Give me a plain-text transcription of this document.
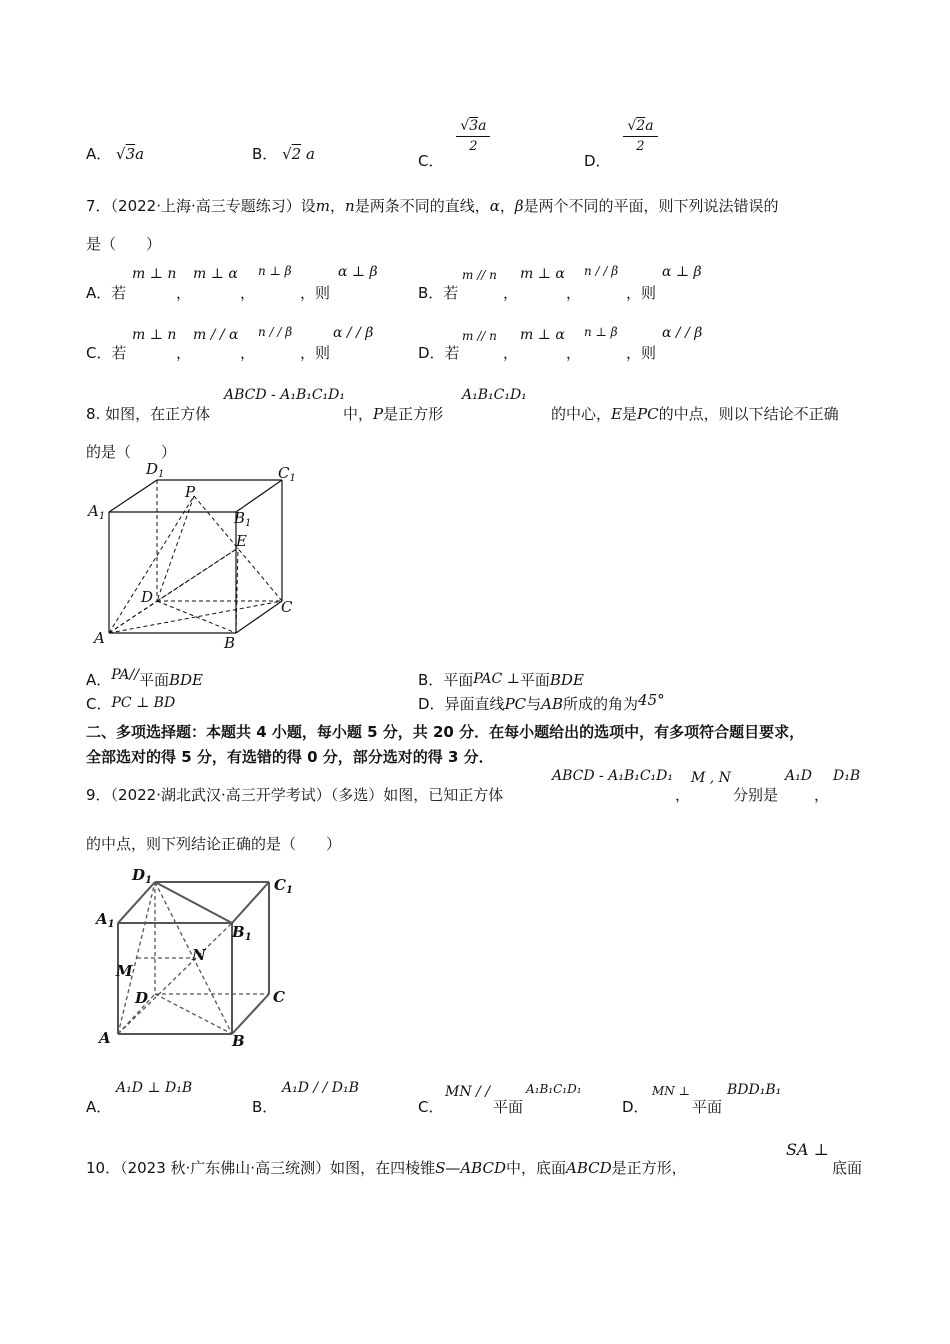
A． √3a	B． √2 a	C．
$\frac{√3a}{2}$
D．
$\frac{√2a}{2}$
7．（2022·上海·高三专题练习）设m，n是两条不同的直线，α，β是两个不同的平面，则下列说法错误的
是（　　）
A．若
m ⊥ n
，
m ⊥ α
，
n ⊥ β
，则
α ⊥ β
B．若
m // n
，
m ⊥ α
，
n / / β
，则
α ⊥ β
C．若
m ⊥ n
，
m / / α
，
n / / β
，则
α / / β
D．若
m // n
，
m ⊥ α
，
n ⊥ β
，则
α / / β
8. 如图，在正方体
ABCD - A₁B₁C₁D₁
中，P是正方形
A₁B₁C₁D₁
的中心，E是PC的中点，则以下结论不正确
的是（　　）
$D_1$	$C_1$
$A_1$	$B_1$
P
E
D
C
A	B
A．PA//平面BDE	B．平面PAC ⊥平面BDE
C．PC ⊥ BD	D．异面直线PC与AB所成的角为45°
二、多项选择题：本题共 4 小题，每小题 5 分，共 20 分．在每小题给出的选项中，有多项符合题目要求，
全部选对的得 5 分，有选错的得 0 分，部分选对的得 3 分．
9．（2022·湖北武汉·高三开学考试）（多选）如图，已知正方体
ABCD - A₁B₁C₁D₁
，
M , N
分别是
A₁D
，
D₁B
的中点，则下列结论正确的是（　　）
$D_1$	$C_1$
$A_1$	$B_1$
N
M
D	C
A	B
A．
A₁D ⊥ D₁B
B．
A₁D / / D₁B
C．
MN / /
平面
A₁B₁C₁D₁
D．
MN ⊥
平面
BDD₁B₁
10．（2023 秋·广东佛山·高三统测）如图，在四棱锥S—ABCD中，底面ABCD是正方形，
SA ⊥
底面
